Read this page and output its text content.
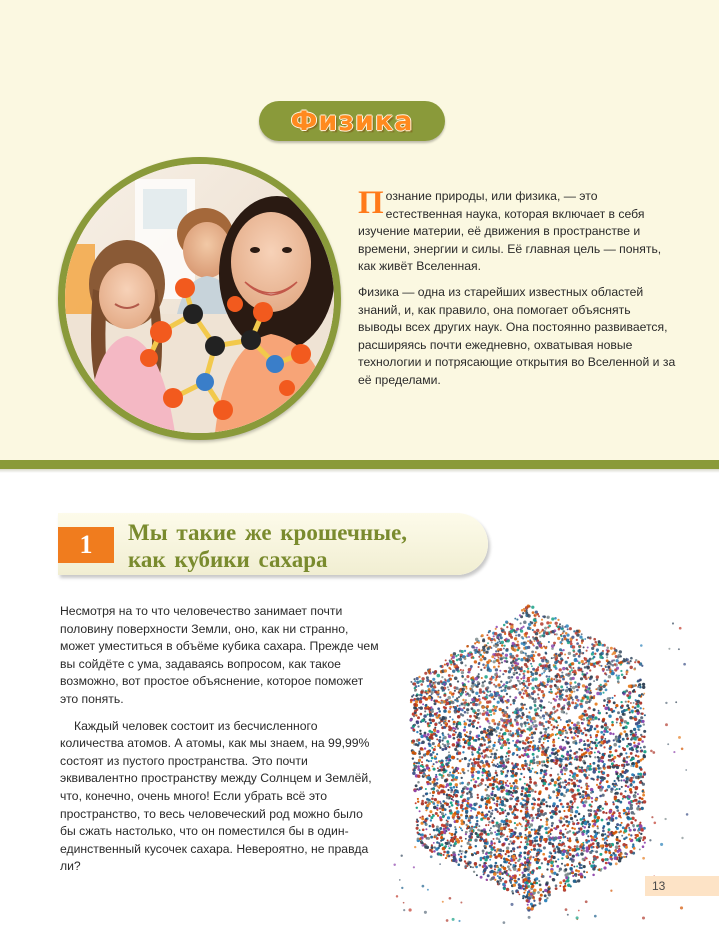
Физика

Познание природы, или физика, — это естественная наука, которая включает в себя изучение материи, её движения в пространстве и времени, энергии и силы. Её главная цель — понять, как живёт Вселенная.

Физика — одна из старейших известных областей знаний, и, как правило, она помогает объяснять выводы всех других наук. Она постоянно развивается, расширяясь почти ежедневно, охватывая новые технологии и потрясающие открытия во Вселенной и за её пределами.

1	Мы такие же крошечные,
как кубики сахара

Несмотря на то что человечество занимает почти половину поверхности Земли, оно, как ни странно, может уместиться в объёме кубика сахара. Прежде чем вы сойдёте с ума, задаваясь вопросом, как такое возможно, вот простое объяснение, которое поможет это понять.

Каждый человек состоит из бесчисленного количества атомов. А атомы, как мы знаем, на 99,99% состоят из пустого пространства. Это почти эквивалентно пространству между Солнцем и Землёй, что, конечно, очень много! Если убрать всё это пространство, то весь человеческий род можно было бы сжать настолько, что он поместился бы в один-единственный кусочек сахара. Невероятно, не правда ли?

13
